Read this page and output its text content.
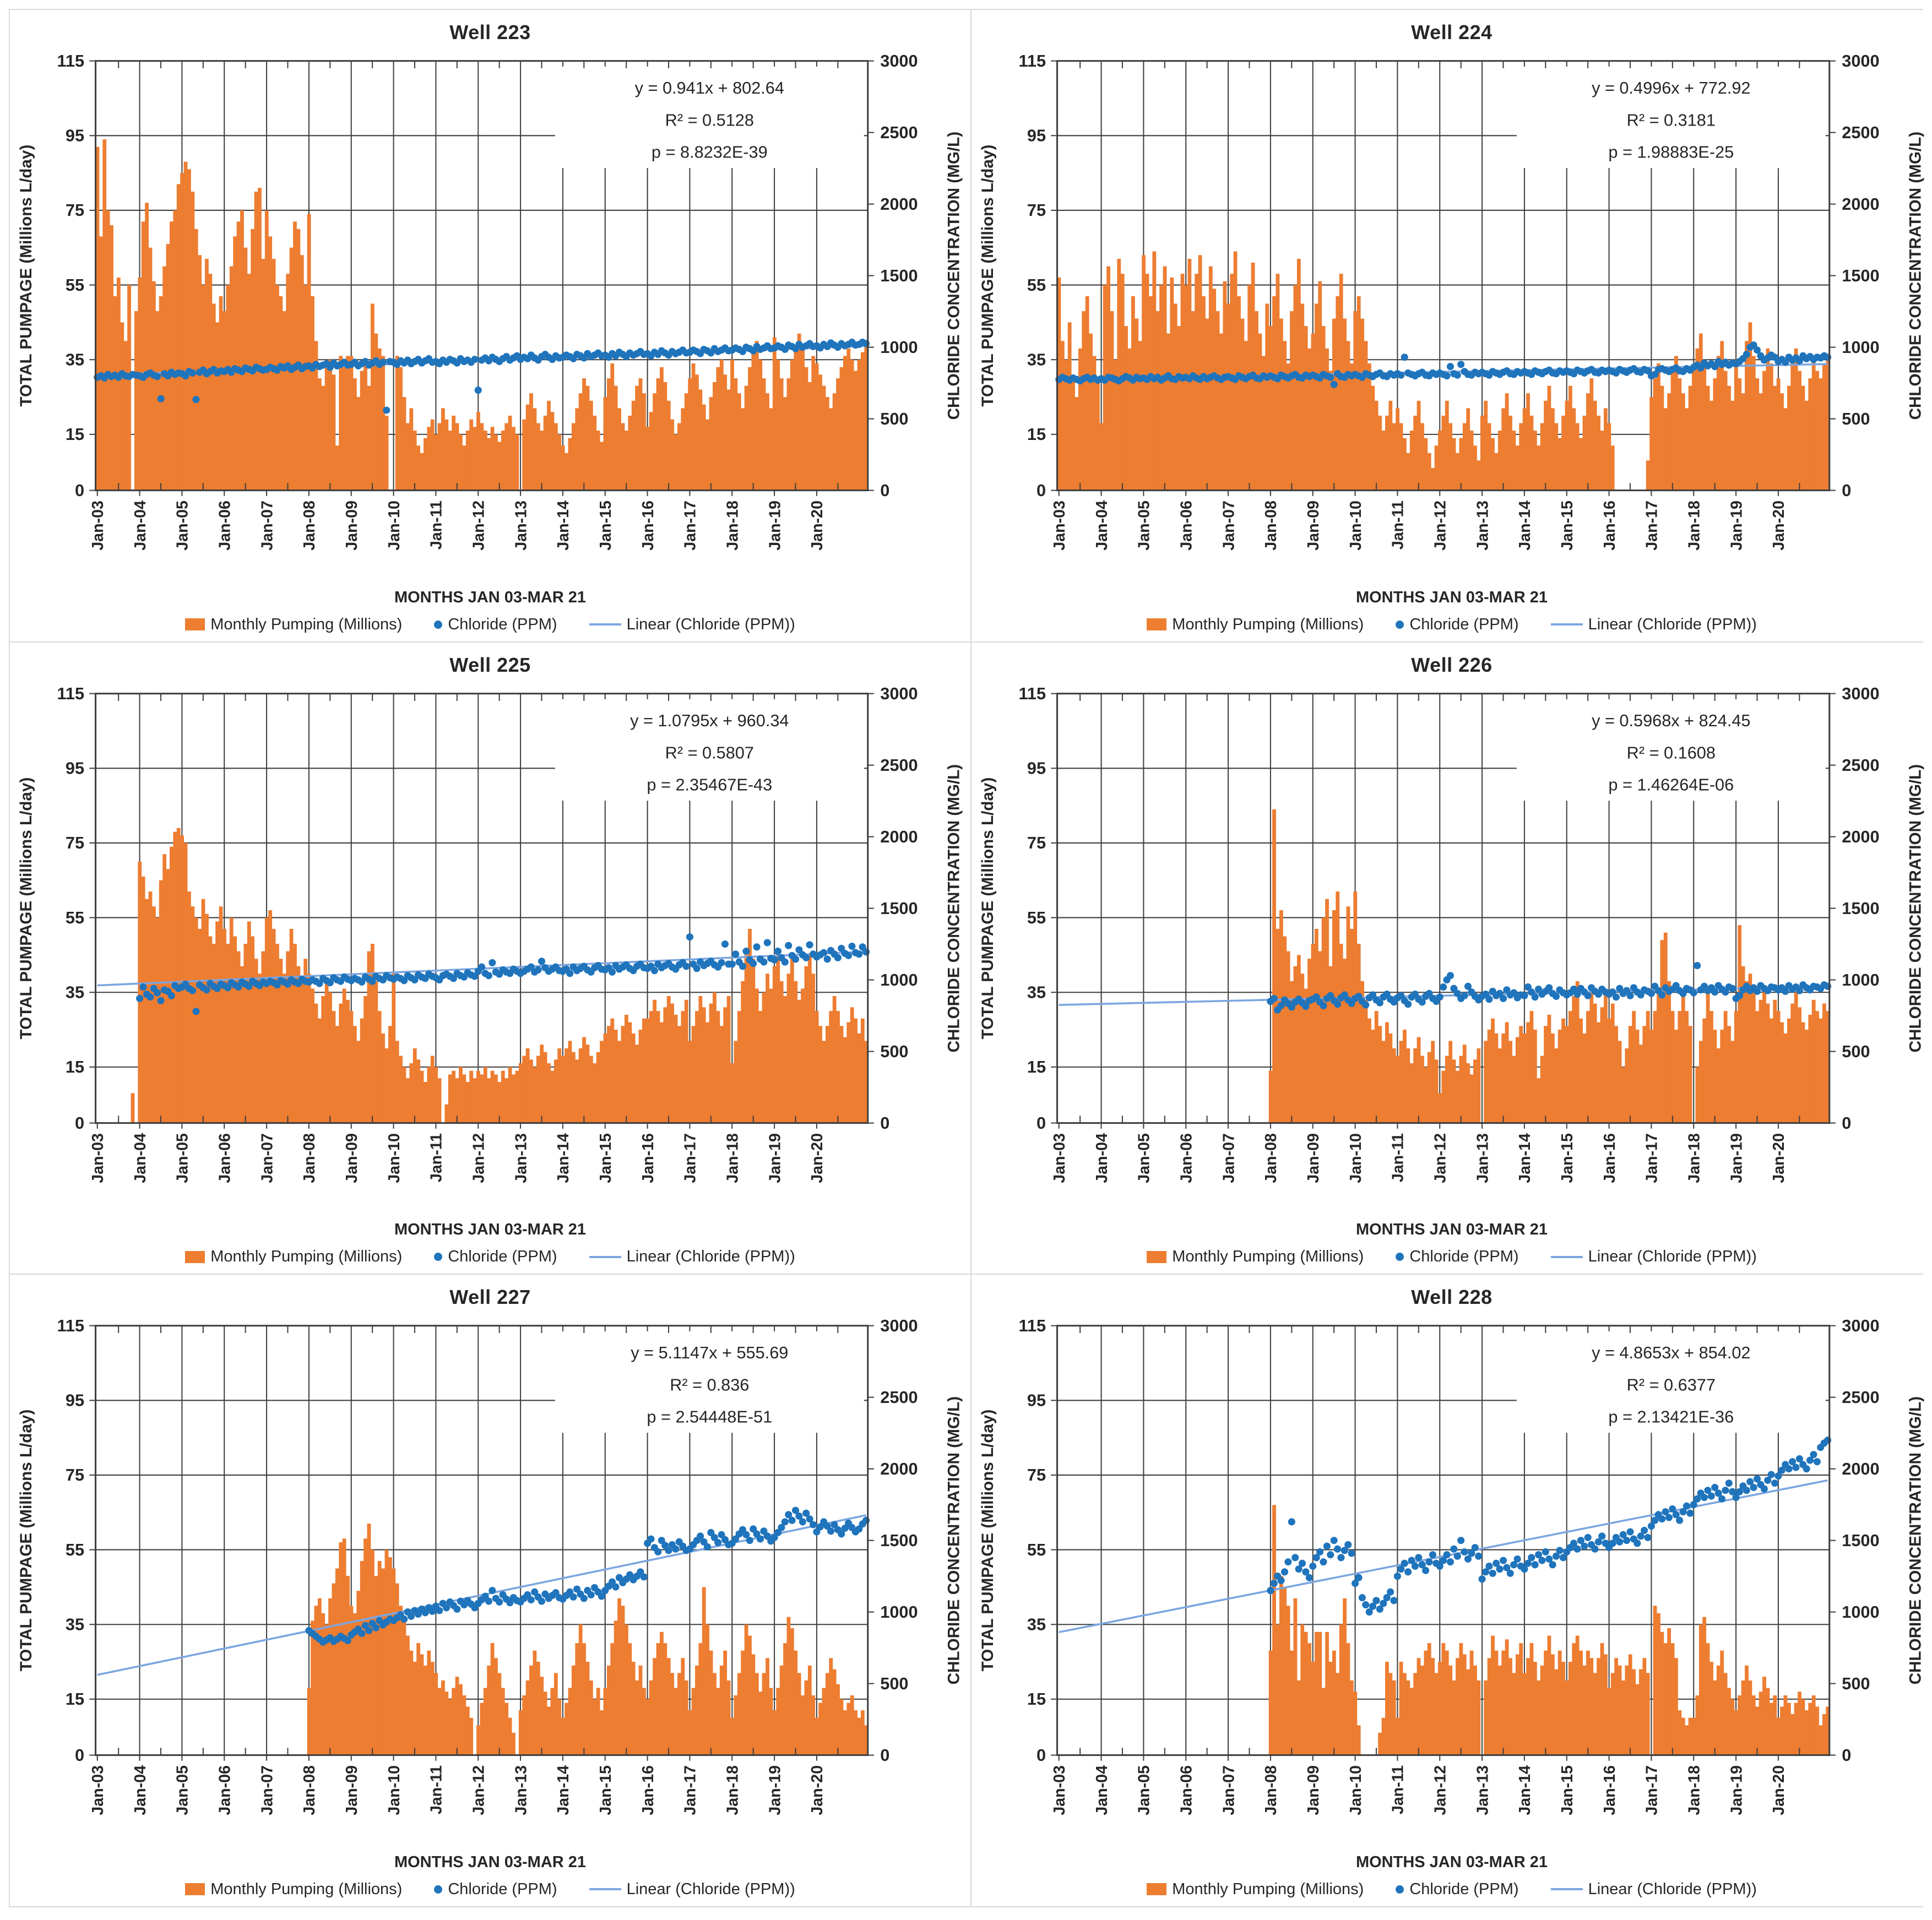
Well 223
y = 0.941x + 802.64
R² = 0.5128
p = 8.8232E-39
0
15
35
55
75
95
115
0
500
1000
1500
2000
2500
3000
Jan-03 Jan-04 Jan-05 Jan-06 Jan-07 Jan-08 Jan-09 Jan-10 Jan-11 Jan-12 Jan-13 Jan-14 Jan-15 Jan-16 Jan-17 Jan-18 Jan-19 Jan-20
TOTAL PUMPAGE (Millions L/day)	CHLORIDE CONCENTRATION (MG/L)
MONTHS JAN 03-MAR 21
Monthly Pumping (Millions)	Chloride (PPM)	Linear (Chloride (PPM))
Well 224
y = 0.4996x + 772.92
R² = 0.3181
p = 1.98883E-25
0
15
35
55
75
95
115
0
500
1000
1500
2000
2500
3000
Jan-03 Jan-04 Jan-05 Jan-06 Jan-07 Jan-08 Jan-09 Jan-10 Jan-11 Jan-12 Jan-13 Jan-14 Jan-15 Jan-16 Jan-17 Jan-18 Jan-19 Jan-20
TOTAL PUMPAGE (Millions L/day)	CHLORIDE CONCENTRATION (MG/L)
MONTHS JAN 03-MAR 21
Monthly Pumping (Millions)	Chloride (PPM)	Linear (Chloride (PPM))
Well 225
y = 1.0795x + 960.34
R² = 0.5807
p = 2.35467E-43
0
15
35
55
75
95
115
0
500
1000
1500
2000
2500
3000
Jan-03 Jan-04 Jan-05 Jan-06 Jan-07 Jan-08 Jan-09 Jan-10 Jan-11 Jan-12 Jan-13 Jan-14 Jan-15 Jan-16 Jan-17 Jan-18 Jan-19 Jan-20
TOTAL PUMPAGE (Millions L/day)	CHLORIDE CONCENTRATION (MG/L)
MONTHS JAN 03-MAR 21
Monthly Pumping (Millions)	Chloride (PPM)	Linear (Chloride (PPM))
Well 226
y = 0.5968x + 824.45
R² = 0.1608
p = 1.46264E-06
0
15
35
55
75
95
115
0
500
1000
1500
2000
2500
3000
Jan-03 Jan-04 Jan-05 Jan-06 Jan-07 Jan-08 Jan-09 Jan-10 Jan-11 Jan-12 Jan-13 Jan-14 Jan-15 Jan-16 Jan-17 Jan-18 Jan-19 Jan-20
TOTAL PUMPAGE (Millions L/day)	CHLORIDE CONCENTRATION (MG/L)
MONTHS JAN 03-MAR 21
Monthly Pumping (Millions)	Chloride (PPM)	Linear (Chloride (PPM))
Well 227
y = 5.1147x + 555.69
R² = 0.836
p = 2.54448E-51
0
15
35
55
75
95
115
0
500
1000
1500
2000
2500
3000
Jan-03 Jan-04 Jan-05 Jan-06 Jan-07 Jan-08 Jan-09 Jan-10 Jan-11 Jan-12 Jan-13 Jan-14 Jan-15 Jan-16 Jan-17 Jan-18 Jan-19 Jan-20
TOTAL PUMPAGE (Millions L/day)	CHLORIDE CONCENTRATION (MG/L)
MONTHS JAN 03-MAR 21
Monthly Pumping (Millions)	Chloride (PPM)	Linear (Chloride (PPM))
Well 228
y = 4.8653x + 854.02
R² = 0.6377
p = 2.13421E-36
0
15
35
55
75
95
115
0
500
1000
1500
2000
2500
3000
Jan-03 Jan-04 Jan-05 Jan-06 Jan-07 Jan-08 Jan-09 Jan-10 Jan-11 Jan-12 Jan-13 Jan-14 Jan-15 Jan-16 Jan-17 Jan-18 Jan-19 Jan-20
TOTAL PUMPAGE (Millions L/day)	CHLORIDE CONCENTRATION (MG/L)
MONTHS JAN 03-MAR 21
Monthly Pumping (Millions)	Chloride (PPM)	Linear (Chloride (PPM))
